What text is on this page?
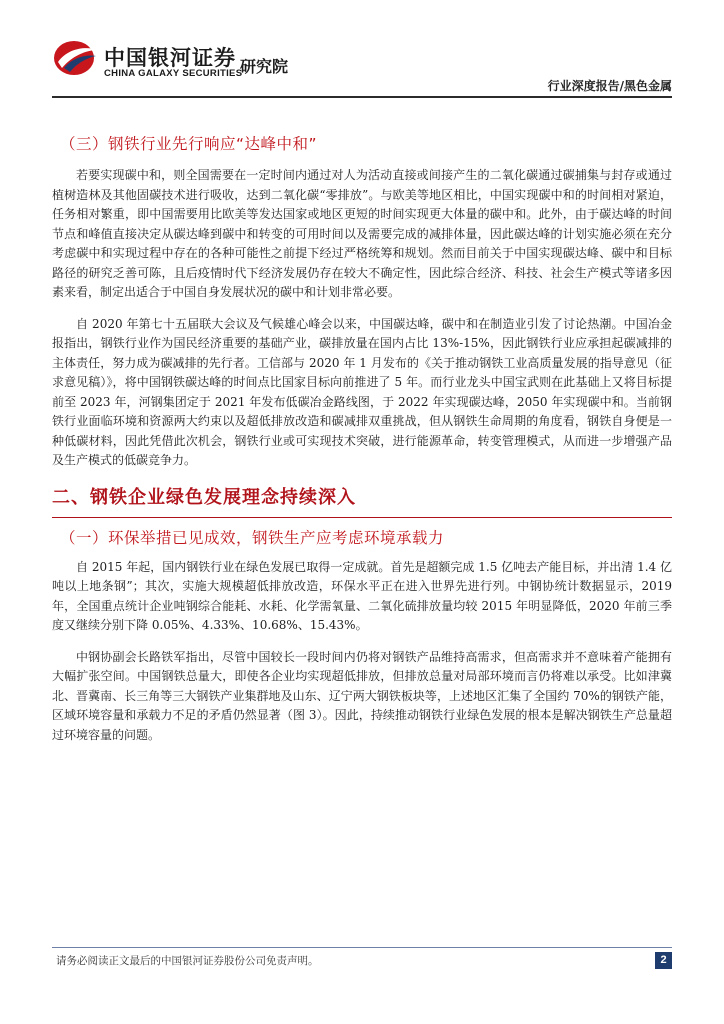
中国银河证券
CHINA GALAXY SECURITIES
研究院
行业深度报告/黑色金属
（三）钢铁行业先行响应“达峰中和”

若要实现碳中和，则全国需要在一定时间内通过对人为活动直接或间接产生的二氧化碳通过碳捕集与封存或通过植树造林及其他固碳技术进行吸收，达到二氧化碳“零排放”。与欧美等地区相比，中国实现碳中和的时间相对紧迫，任务相对繁重，即中国需要用比欧美等发达国家或地区更短的时间实现更大体量的碳中和。此外，由于碳达峰的时间节点和峰值直接决定从碳达峰到碳中和转变的可用时间以及需要完成的减排体量，因此碳达峰的计划实施必须在充分考虑碳中和实现过程中存在的各种可能性之前提下经过严格统筹和规划。然而目前关于中国实现碳达峰、碳中和目标路径的研究乏善可陈，且后疫情时代下经济发展仍存在较大不确定性，因此综合经济、科技、社会生产模式等诸多因素来看，制定出适合于中国自身发展状况的碳中和计划非常必要。

自 2020 年第七十五届联大会议及气候雄心峰会以来，中国碳达峰，碳中和在制造业引发了讨论热潮。中国冶金报指出，钢铁行业作为国民经济重要的基础产业，碳排放量在国内占比 13%-15%，因此钢铁行业应承担起碳减排的主体责任，努力成为碳减排的先行者。工信部与 2020 年 1 月发布的《关于推动钢铁工业高质量发展的指导意见（征求意见稿）》，将中国钢铁碳达峰的时间点比国家目标向前推进了 5 年。而行业龙头中国宝武则在此基础上又将目标提前至 2023 年，河钢集团定于 2021 年发布低碳冶金路线图，于 2022 年实现碳达峰，2050 年实现碳中和。当前钢铁行业面临环境和资源两大约束以及超低排放改造和碳减排双重挑战，但从钢铁生命周期的角度看，钢铁自身便是一种低碳材料，因此凭借此次机会，钢铁行业或可实现技术突破，进行能源革命，转变管理模式，从而进一步增强产品及生产模式的低碳竞争力。

二、钢铁企业绿色发展理念持续深入
（一）环保举措已见成效，钢铁生产应考虑环境承载力

自 2015 年起，国内钢铁行业在绿色发展已取得一定成就。首先是超额完成 1.5 亿吨去产能目标，并出清 1.4 亿吨以上地条钢”；其次，实施大规模超低排放改造，环保水平正在进入世界先进行列。中钢协统计数据显示，2019 年，全国重点统计企业吨钢综合能耗、水耗、化学需氧量、二氧化硫排放量均较 2015 年明显降低，2020 年前三季度又继续分别下降 0.05%、4.33%、10.68%、15.43%。

中钢协副会长路铁军指出，尽管中国较长一段时间内仍将对钢铁产品维持高需求，但高需求并不意味着产能拥有大幅扩张空间。中国钢铁总量大，即使各企业均实现超低排放，但排放总量对局部环境而言仍将难以承受。比如津冀北、晋冀南、长三角等三大钢铁产业集群地及山东、辽宁两大钢铁板块等，上述地区汇集了全国约 70%的钢铁产能，区域环境容量和承载力不足的矛盾仍然显著（图 3）。因此，持续推动钢铁行业绿色发展的根本是解决钢铁生产总量超过环境容量的问题。

请务必阅读正文最后的中国银河证券股份公司免责声明。	2
